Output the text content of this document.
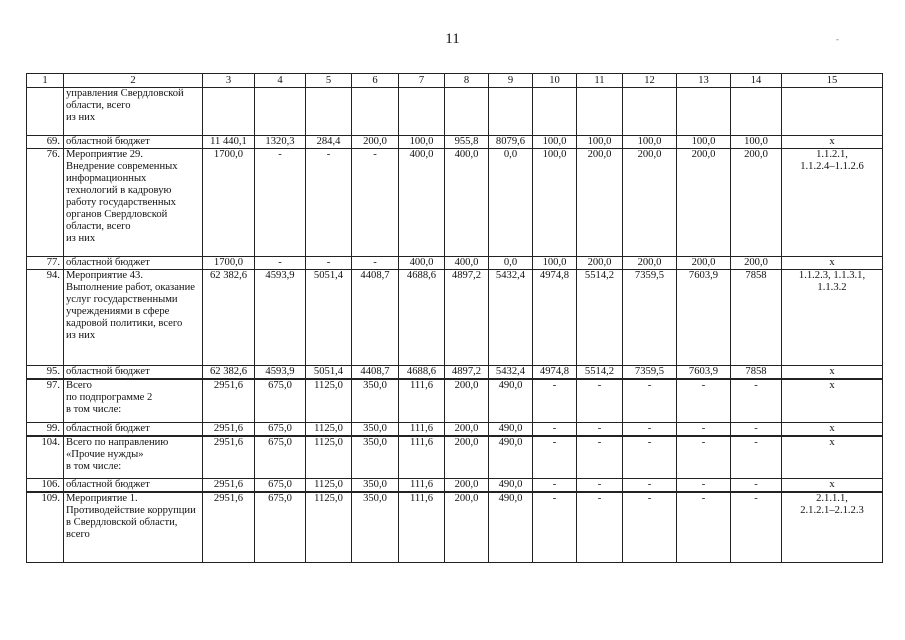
11	-
1	2	3	4	5	6	7	8	9	10	11	12	13	14	15
	управления Свердловской области, всего
из них													
69.	областной бюджет	11 440,1	1320,3	284,4	200,0	100,0	955,8	8079,6	100,0	100,0	100,0	100,0	100,0	х
76.	Мероприятие 29.
Внедрение современных информационных технологий в кадровую работу государственных органов Свердловской области, всего
из них	1700,0	-	-	-	400,0	400,0	0,0	100,0	200,0	200,0	200,0	200,0	1.1.2.1,
1.1.2.4–1.1.2.6
77.	областной бюджет	1700,0	-	-	-	400,0	400,0	0,0	100,0	200,0	200,0	200,0	200,0	х
94.	Мероприятие 43.
Выполнение работ, оказание услуг государственными учреждениями в сфере кадровой политики, всего
из них	62 382,6	4593,9	5051,4	4408,7	4688,6	4897,2	5432,4	4974,8	5514,2	7359,5	7603,9	7858	1.1.2.3, 1.1.3.1,
1.1.3.2
95.	областной бюджет	62 382,6	4593,9	5051,4	4408,7	4688,6	4897,2	5432,4	4974,8	5514,2	7359,5	7603,9	7858	х
97.	Всего
по подпрограмме 2
в том числе:	2951,6	675,0	1125,0	350,0	111,6	200,0	490,0	-	-	-	-	-	х
99.	областной бюджет	2951,6	675,0	1125,0	350,0	111,6	200,0	490,0	-	-	-	-	-	х
104.	Всего по направлению «Прочие нужды»
в том числе:	2951,6	675,0	1125,0	350,0	111,6	200,0	490,0	-	-	-	-	-	х
106.	областной бюджет	2951,6	675,0	1125,0	350,0	111,6	200,0	490,0	-	-	-	-	-	х
109.	Мероприятие 1.
Противодействие коррупции в Свердловской области, всего	2951,6	675,0	1125,0	350,0	111,6	200,0	490,0	-	-	-	-	-	2.1.1.1,
2.1.2.1–2.1.2.3
